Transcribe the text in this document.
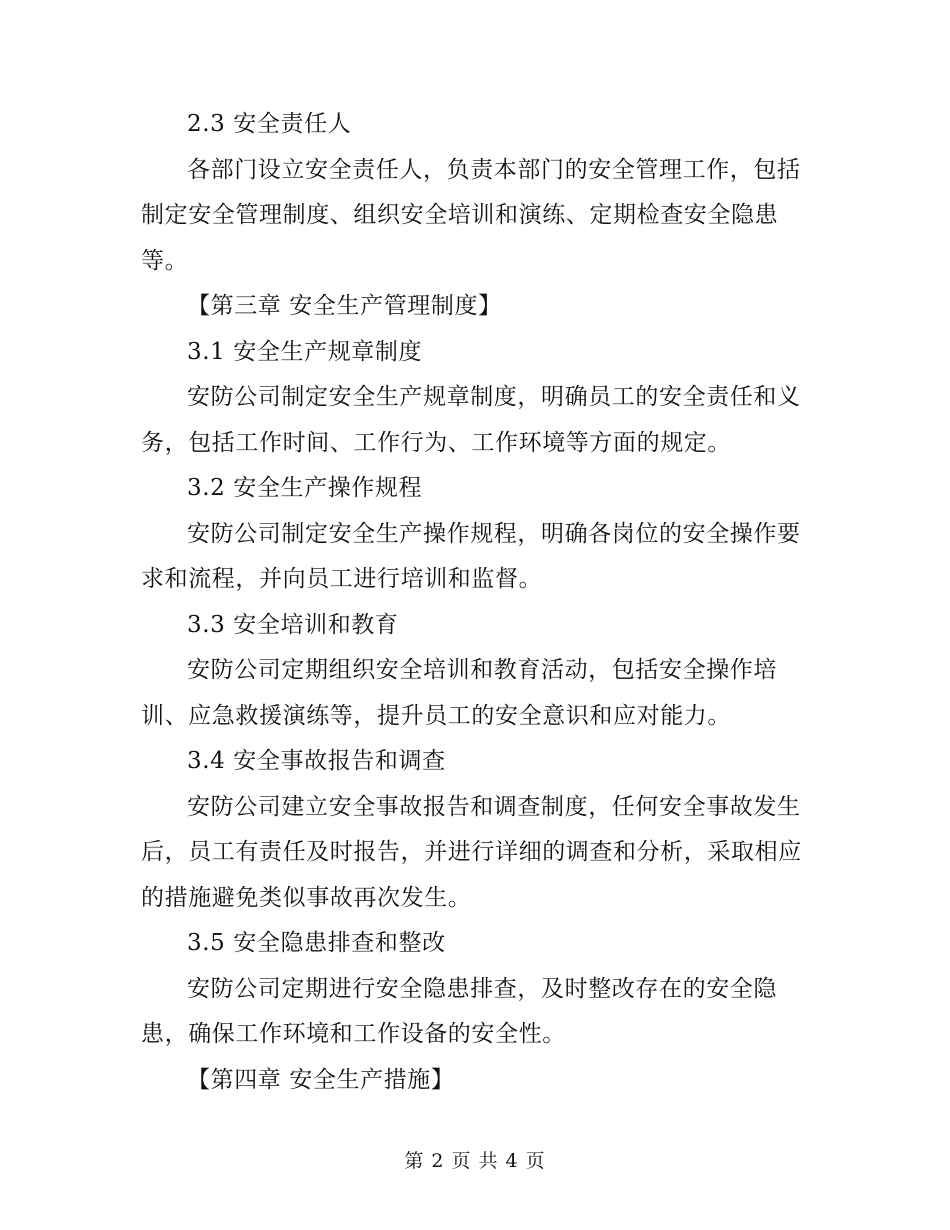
2.3 安全责任人
各部门设立安全责任人，负责本部门的安全管理工作，包括
制定安全管理制度、组织安全培训和演练、定期检查安全隐患
等。
【第三章 安全生产管理制度】
3.1 安全生产规章制度
安防公司制定安全生产规章制度，明确员工的安全责任和义
务，包括工作时间、工作行为、工作环境等方面的规定。
3.2 安全生产操作规程
安防公司制定安全生产操作规程，明确各岗位的安全操作要
求和流程，并向员工进行培训和监督。
3.3 安全培训和教育
安防公司定期组织安全培训和教育活动，包括安全操作培
训、应急救援演练等，提升员工的安全意识和应对能力。
3.4 安全事故报告和调查
安防公司建立安全事故报告和调查制度，任何安全事故发生
后，员工有责任及时报告，并进行详细的调查和分析，采取相应
的措施避免类似事故再次发生。
3.5 安全隐患排查和整改
安防公司定期进行安全隐患排查，及时整改存在的安全隐
患，确保工作环境和工作设备的安全性。
【第四章 安全生产措施】
第 2 页 共 4 页
